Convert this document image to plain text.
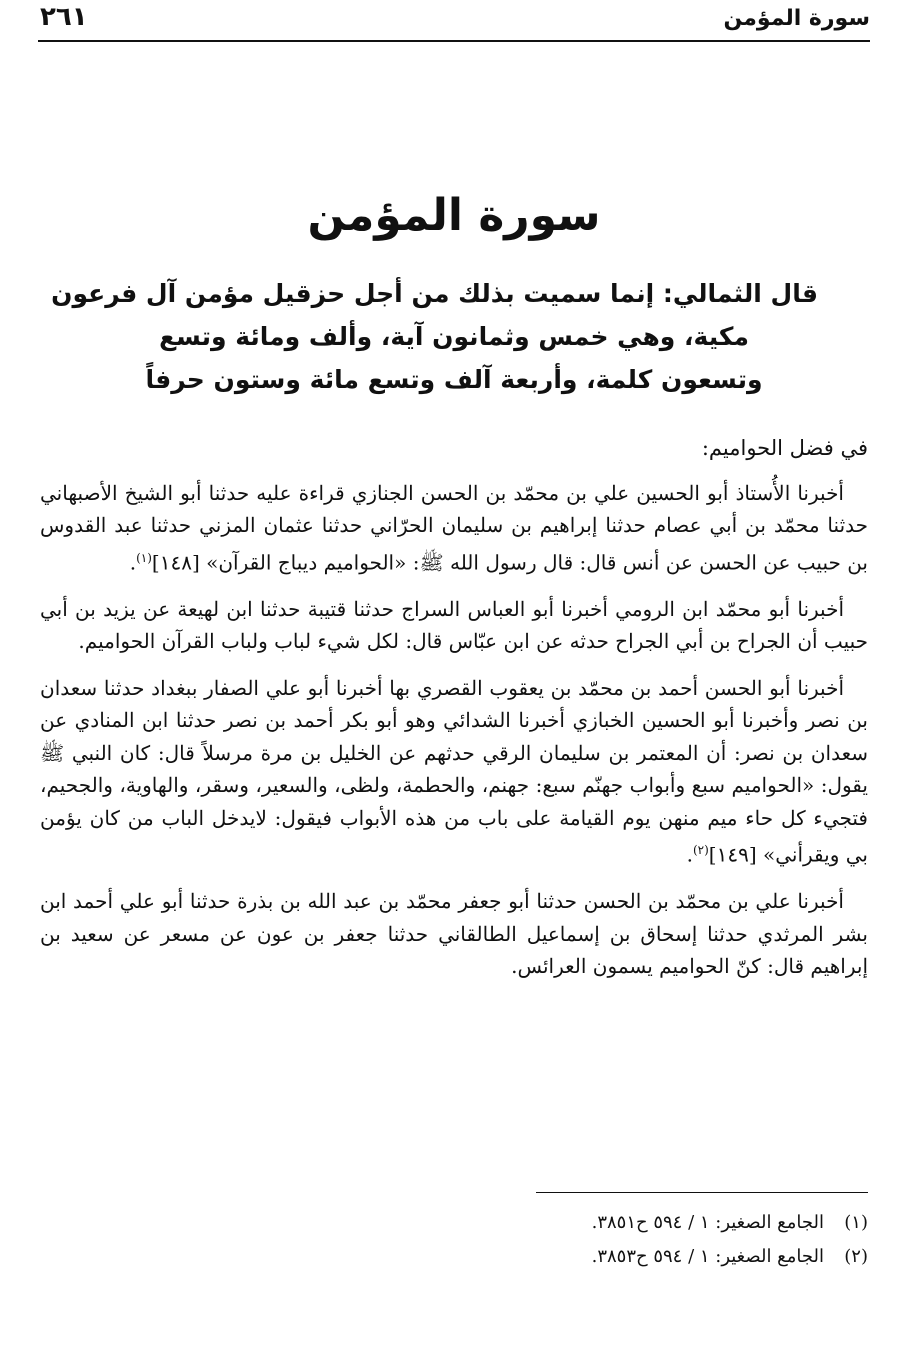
سورة المؤمن
٢٦١
سورة المؤمن
قال الثمالي: إنما سميت بذلك من أجل حزقيل مؤمن آل فرعون
مكية، وهي خمس وثمانون آية، وألف ومائة وتسع
وتسعون كلمة، وأربعة آلف وتسع مائة وستون حرفاً

في فضل الحواميم:

أخبرنا الأُستاذ أبو الحسين علي بن محمّد بن الحسن الجنازي قراءة عليه حدثنا أبو الشيخ الأصبهاني حدثنا محمّد بن أبي عصام حدثنا إبراهيم بن سليمان الحرّاني حدثنا عثمان المزني حدثنا عبد القدوس بن حبيب عن الحسن عن أنس قال: قال رسول الله ﷺ: «الحواميم ديباج القرآن» [١٤٨]$^{(١)}$.

أخبرنا أبو محمّد ابن الرومي أخبرنا أبو العباس السراج حدثنا قتيبة حدثنا ابن لهيعة عن يزيد بن أبي حبيب أن الجراح بن أبي الجراح حدثه عن ابن عبّاس قال: لكل شيء لباب ولباب القرآن الحواميم.

أخبرنا أبو الحسن أحمد بن محمّد بن يعقوب القصري بها أخبرنا أبو علي الصفار ببغداد حدثنا سعدان بن نصر وأخبرنا أبو الحسين الخبازي أخبرنا الشدائي وهو أبو بكر أحمد بن نصر حدثنا ابن المنادي عن سعدان بن نصر: أن المعتمر بن سليمان الرقي حدثهم عن الخليل بن مرة مرسلاً قال: كان النبي ﷺ يقول: «الحواميم سبع وأبواب جهنّم سبع: جهنم، والحطمة، ولظى، والسعير، وسقر، والهاوية، والجحيم، فتجيء كل حاء ميم منهن يوم القيامة على باب من هذه الأبواب فيقول: لايدخل الباب من كان يؤمن بي ويقرأني» [١٤٩]$^{(٢)}$.

أخبرنا علي بن محمّد بن الحسن حدثنا أبو جعفر محمّد بن عبد الله بن بذرة حدثنا أبو علي أحمد ابن بشر المرثدي حدثنا إسحاق بن إسماعيل الطالقاني حدثنا جعفر بن عون عن مسعر عن سعيد بن إبراهيم قال: كنّ الحواميم يسمون العرائس.

(١)الجامع الصغير: ١ / ٥٩٤ ح٣٨٥١.
(٢)الجامع الصغير: ١ / ٥٩٤ ح٣٨٥٣.
